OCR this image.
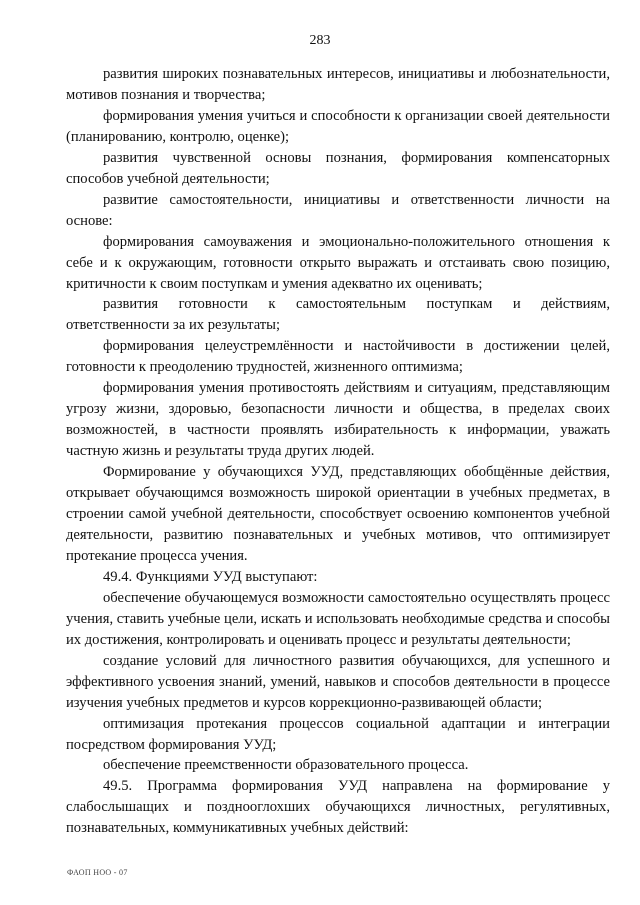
283

развития широких познавательных интересов, инициативы и любознательности, мотивов познания и творчества;

формирования умения учиться и способности к организации своей деятельности (планированию, контролю, оценке);

развития чувственной основы познания, формирования компенсаторных способов учебной деятельности;

развитие самостоятельности, инициативы и ответственности личности на основе:

формирования самоуважения и эмоционально-положительного отношения к себе и к окружающим, готовности открыто выражать и отстаивать свою позицию, критичности к своим поступкам и умения адекватно их оценивать;

развития готовности к самостоятельным поступкам и действиям, ответственности за их результаты;

формирования целеустремлённости и настойчивости в достижении целей, готовности к преодолению трудностей, жизненного оптимизма;

формирования умения противостоять действиям и ситуациям, представляющим угрозу жизни, здоровью, безопасности личности и общества, в пределах своих возможностей, в частности проявлять избирательность к информации, уважать частную жизнь и результаты труда других людей.

Формирование у обучающихся УУД, представляющих обобщённые действия, открывает обучающимся возможность широкой ориентации в учебных предметах, в строении самой учебной деятельности, способствует освоению компонентов учебной деятельности, развитию познавательных и учебных мотивов, что оптимизирует протекание процесса учения.

49.4. Функциями УУД выступают:

обеспечение обучающемуся возможности самостоятельно осуществлять процесс учения, ставить учебные цели, искать и использовать необходимые средства и способы их достижения, контролировать и оценивать процесс и результаты деятельности;

создание условий для личностного развития обучающихся, для успешного и эффективного усвоения знаний, умений, навыков и способов деятельности в процессе изучения учебных предметов и курсов коррекционно-развивающей области;

оптимизация протекания процессов социальной адаптации и интеграции посредством формирования УУД;

обеспечение преемственности образовательного процесса.

49.5. Программа формирования УУД направлена на формирование у слабослышащих и позднооглохших обучающихся личностных, регулятивных, познавательных, коммуникативных учебных действий:

ФАОП НОО - 07
